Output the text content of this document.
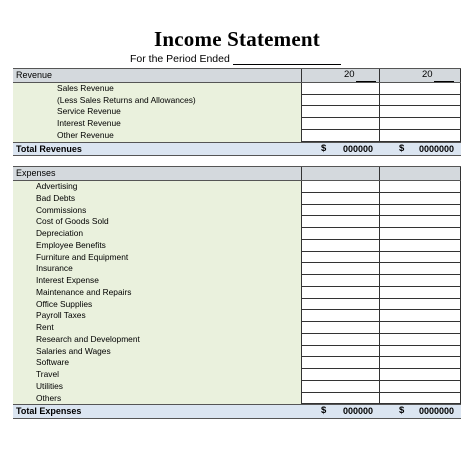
Income Statement
For the Period Ended
Revenue	20	20
Sales Revenue
(Less Sales Returns and Allowances)
Service Revenue
Interest Revenue
Other Revenue
Total Revenues	$ 000000	$ 0000000
Expenses
Advertising
Bad Debts
Commissions
Cost of Goods Sold
Depreciation
Employee Benefits
Furniture and Equipment
Insurance
Interest Expense
Maintenance and Repairs
Office Supplies
Payroll Taxes
Rent
Research and Development
Salaries and Wages
Software
Travel
Utilities
Others
Total Expenses	$ 000000	$ 0000000
